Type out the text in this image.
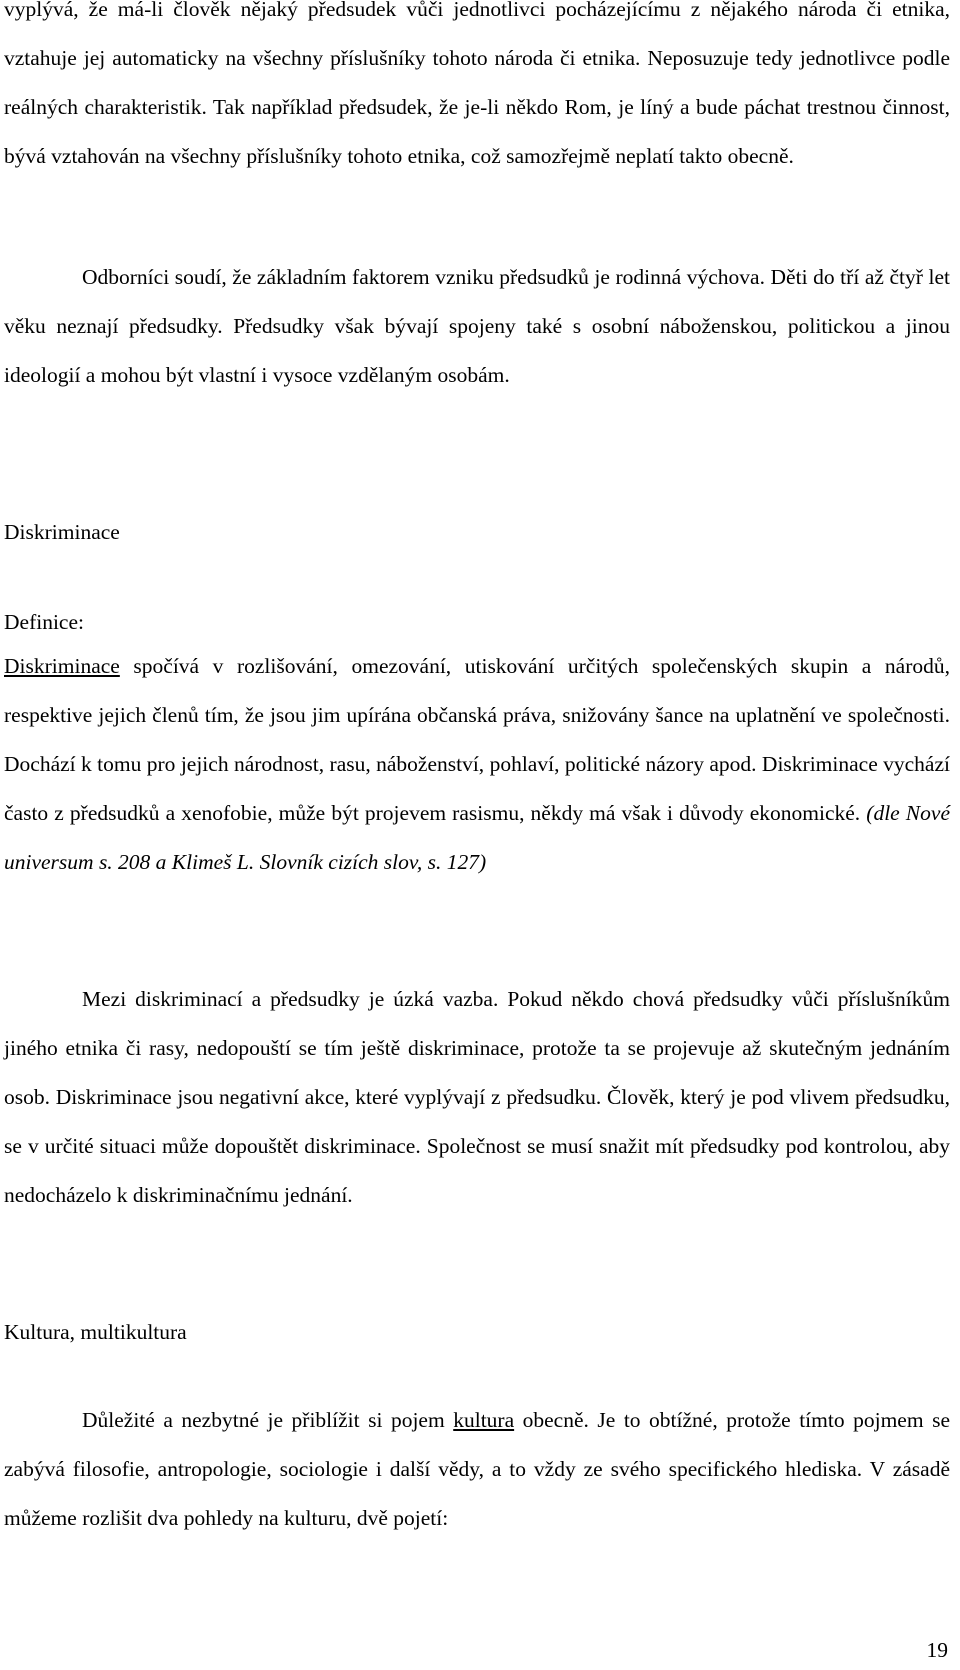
vyplývá, že má-li člověk nějaký předsudek vůči jednotlivci pocházejícímu z nějakého národa či etnika, vztahuje jej automaticky na všechny příslušníky tohoto národa či etnika. Neposuzuje tedy jednotlivce podle reálných charakteristik. Tak například předsudek, že je-li někdo Rom, je líný a bude páchat trestnou činnost, bývá vztahován na všechny příslušníky tohoto etnika, což samozřejmě neplatí takto obecně.

Odborníci soudí, že základním faktorem vzniku předsudků je rodinná výchova. Děti do tří až čtyř let věku neznají předsudky. Předsudky však bývají spojeny také s osobní náboženskou, politickou a jinou ideologií a mohou být vlastní i vysoce vzdělaným osobám.

Diskriminace

Definice:

Diskriminace spočívá v rozlišování, omezování, utiskování určitých společenských skupin a národů, respektive jejich členů tím, že jsou jim upírána občanská práva, snižovány šance na uplatnění ve společnosti. Dochází k tomu pro jejich národnost, rasu, náboženství, pohlaví, politické názory apod. Diskriminace vychází často z předsudků a xenofobie, může být projevem rasismu, někdy má však i důvody ekonomické. (dle Nové universum s. 208 a Klimeš L. Slovník cizích slov, s. 127)

Mezi diskriminací a předsudky je úzká vazba. Pokud někdo chová předsudky vůči příslušníkům jiného etnika či rasy, nedopouští se tím ještě diskriminace, protože ta se projevuje až skutečným jednáním osob. Diskriminace jsou negativní akce, které vyplývají z předsudku. Člověk, který je pod vlivem předsudku, se v určité situaci může dopouštět diskriminace. Společnost se musí snažit mít předsudky pod kontrolou, aby nedocházelo k diskriminačnímu jednání.

Kultura, multikultura

Důležité a nezbytné je přiblížit si pojem kultura obecně. Je to obtížné, protože tímto pojmem se zabývá filosofie, antropologie, sociologie i další vědy, a to vždy ze svého specifického hlediska. V zásadě můžeme rozlišit dva pohledy na kulturu, dvě pojetí:

19
